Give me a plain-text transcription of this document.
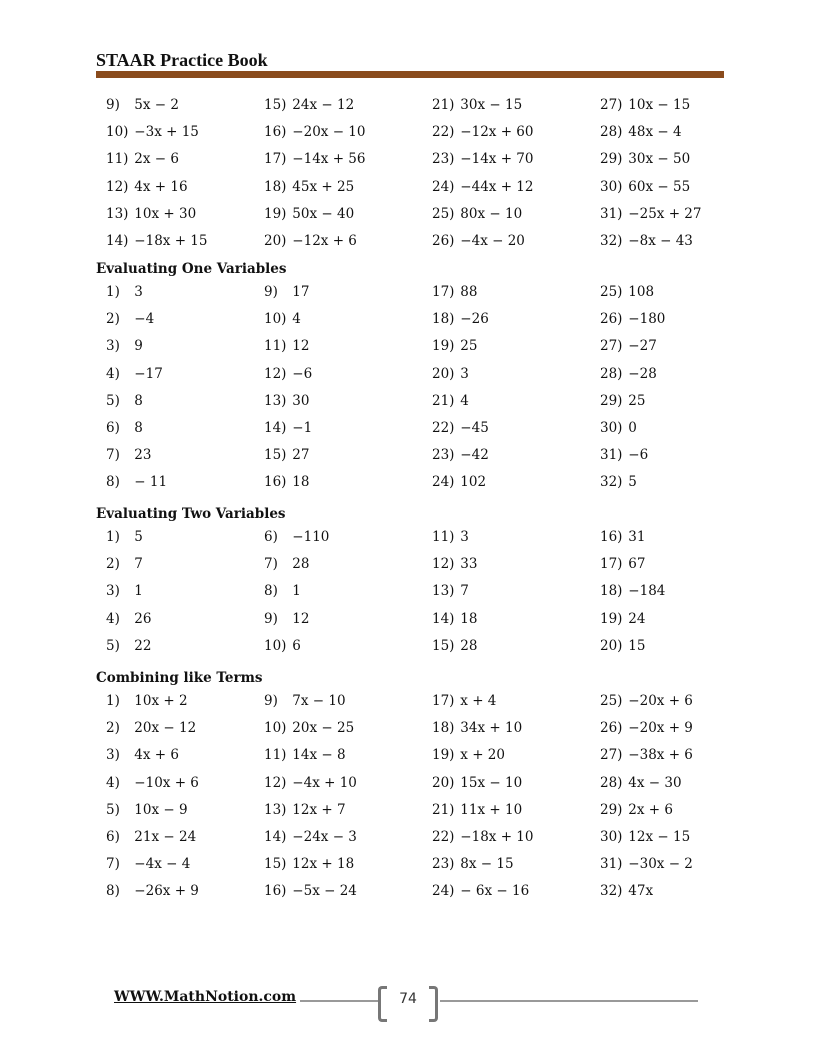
STAAR Practice Book
9) 5x − 2	15) 24x − 12	21) 30x − 15	27) 10x − 15
10) −3x + 15	16) −20x − 10	22) −12x + 60	28) 48x − 4
11) 2x − 6	17) −14x + 56	23) −14x + 70	29) 30x − 50
12) 4x + 16	18) 45x + 25	24) −44x + 12	30) 60x − 55
13) 10x + 30	19) 50x − 40	25) 80x − 10	31) −25x + 27
14) −18x + 15	20) −12x + 6	26) −4x − 20	32) −8x − 43
Evaluating One Variables
1) 3	9) 17	17) 88	25) 108
2) −4	10) 4	18) −26	26) −180
3) 9	11) 12	19) 25	27) −27
4) −17	12) −6	20) 3	28) −28
5) 8	13) 30	21) 4	29) 25
6) 8	14) −1	22) −45	30) 0
7) 23	15) 27	23) −42	31) −6
8) − 11	16) 18	24) 102	32) 5
Evaluating Two Variables
1) 5	6) −110	11) 3	16) 31
2) 7	7) 28	12) 33	17) 67
3) 1	8) 1	13) 7	18) −184
4) 26	9) 12	14) 18	19) 24
5) 22	10) 6	15) 28	20) 15
Combining like Terms
1) 10x + 2	9) 7x − 10	17) x + 4	25) −20x + 6
2) 20x − 12	10) 20x − 25	18) 34x + 10	26) −20x + 9
3) 4x + 6	11) 14x − 8	19) x + 20	27) −38x + 6
4) −10x + 6	12) −4x + 10	20) 15x − 10	28) 4x − 30
5) 10x − 9	13) 12x + 7	21) 11x + 10	29) 2x + 6
6) 21x − 24	14) −24x − 3	22) −18x + 10	30) 12x − 15
7) −4x − 4	15) 12x + 18	23) 8x − 15	31) −30x − 2
8) −26x + 9	16) −5x − 24	24) − 6x − 16	32) 47x
WWW.MathNotion.com	74
